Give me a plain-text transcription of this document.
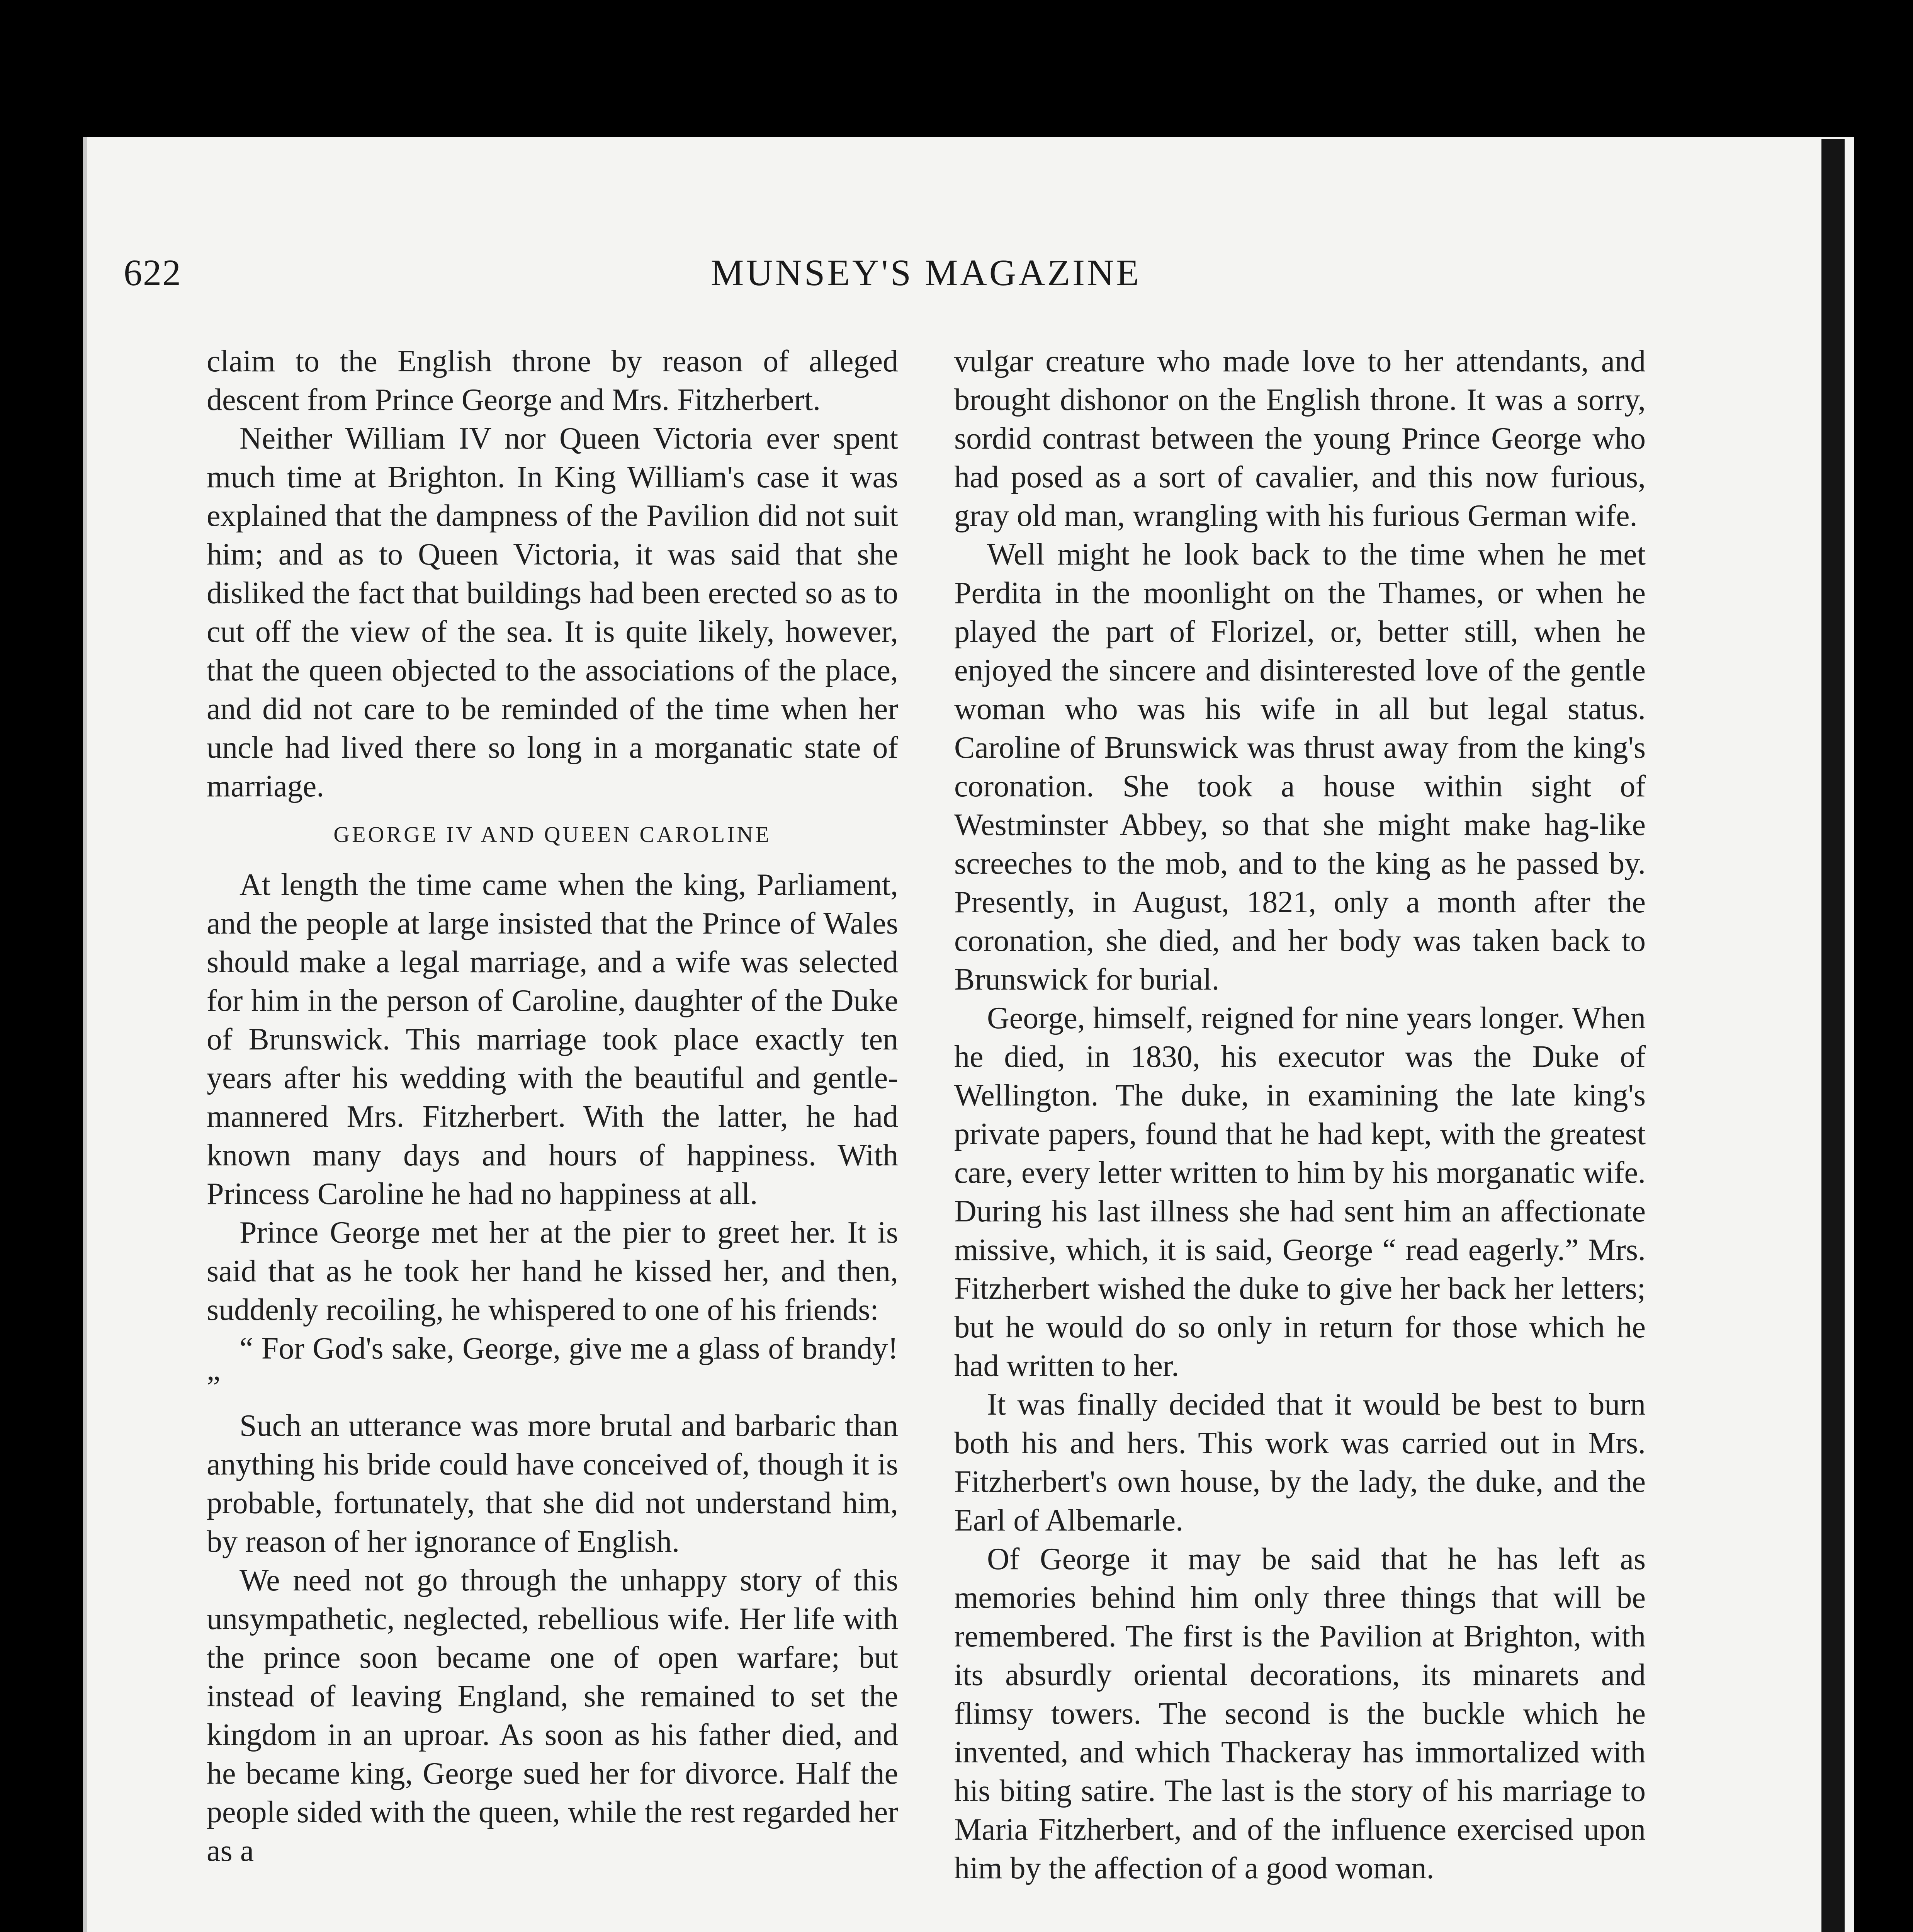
622	MUNSEY'S MAGAZINE

claim to the English throne by reason of alleged descent from Prince George and Mrs. Fitzherbert.

Neither William IV nor Queen Victoria ever spent much time at Brighton. In King William's case it was explained that the dampness of the Pavilion did not suit him; and as to Queen Victoria, it was said that she disliked the fact that buildings had been erected so as to cut off the view of the sea. It is quite likely, however, that the queen objected to the associations of the place, and did not care to be reminded of the time when her uncle had lived there so long in a morganatic state of marriage.

GEORGE IV AND QUEEN CAROLINE

At length the time came when the king, Parliament, and the people at large insisted that the Prince of Wales should make a legal marriage, and a wife was selected for him in the person of Caroline, daughter of the Duke of Brunswick. This marriage took place exactly ten years after his wedding with the beautiful and gentle-mannered Mrs. Fitzherbert. With the latter, he had known many days and hours of happiness. With Princess Caroline he had no happiness at all.

Prince George met her at the pier to greet her. It is said that as he took her hand he kissed her, and then, suddenly recoiling, he whispered to one of his friends:

“ For God's sake, George, give me a glass of brandy! ”

Such an utterance was more brutal and barbaric than anything his bride could have conceived of, though it is probable, fortunately, that she did not understand him, by reason of her ignorance of English.

We need not go through the unhappy story of this unsympathetic, neglected, rebellious wife. Her life with the prince soon became one of open warfare; but instead of leaving England, she remained to set the kingdom in an uproar. As soon as his father died, and he became king, George sued her for divorce. Half the people sided with the queen, while the rest regarded her as a

vulgar creature who made love to her attendants, and brought dishonor on the English throne. It was a sorry, sordid contrast between the young Prince George who had posed as a sort of cavalier, and this now furious, gray old man, wrangling with his furious German wife.

Well might he look back to the time when he met Perdita in the moonlight on the Thames, or when he played the part of Florizel, or, better still, when he enjoyed the sincere and disinterested love of the gentle woman who was his wife in all but legal status. Caroline of Brunswick was thrust away from the king's coronation. She took a house within sight of Westminster Abbey, so that she might make hag-like screeches to the mob, and to the king as he passed by. Presently, in August, 1821, only a month after the coronation, she died, and her body was taken back to Brunswick for burial.

George, himself, reigned for nine years longer. When he died, in 1830, his executor was the Duke of Wellington. The duke, in examining the late king's private papers, found that he had kept, with the greatest care, every letter written to him by his morganatic wife. During his last illness she had sent him an affectionate missive, which, it is said, George “ read eagerly.” Mrs. Fitzherbert wished the duke to give her back her letters; but he would do so only in return for those which he had written to her.

It was finally decided that it would be best to burn both his and hers. This work was carried out in Mrs. Fitzherbert's own house, by the lady, the duke, and the Earl of Albemarle.

Of George it may be said that he has left as memories behind him only three things that will be remembered. The first is the Pavilion at Brighton, with its absurdly oriental decorations, its minarets and flimsy towers. The second is the buckle which he invented, and which Thackeray has immortalized with his biting satire. The last is the story of his marriage to Maria Fitzherbert, and of the influence exercised upon him by the affection of a good woman.
